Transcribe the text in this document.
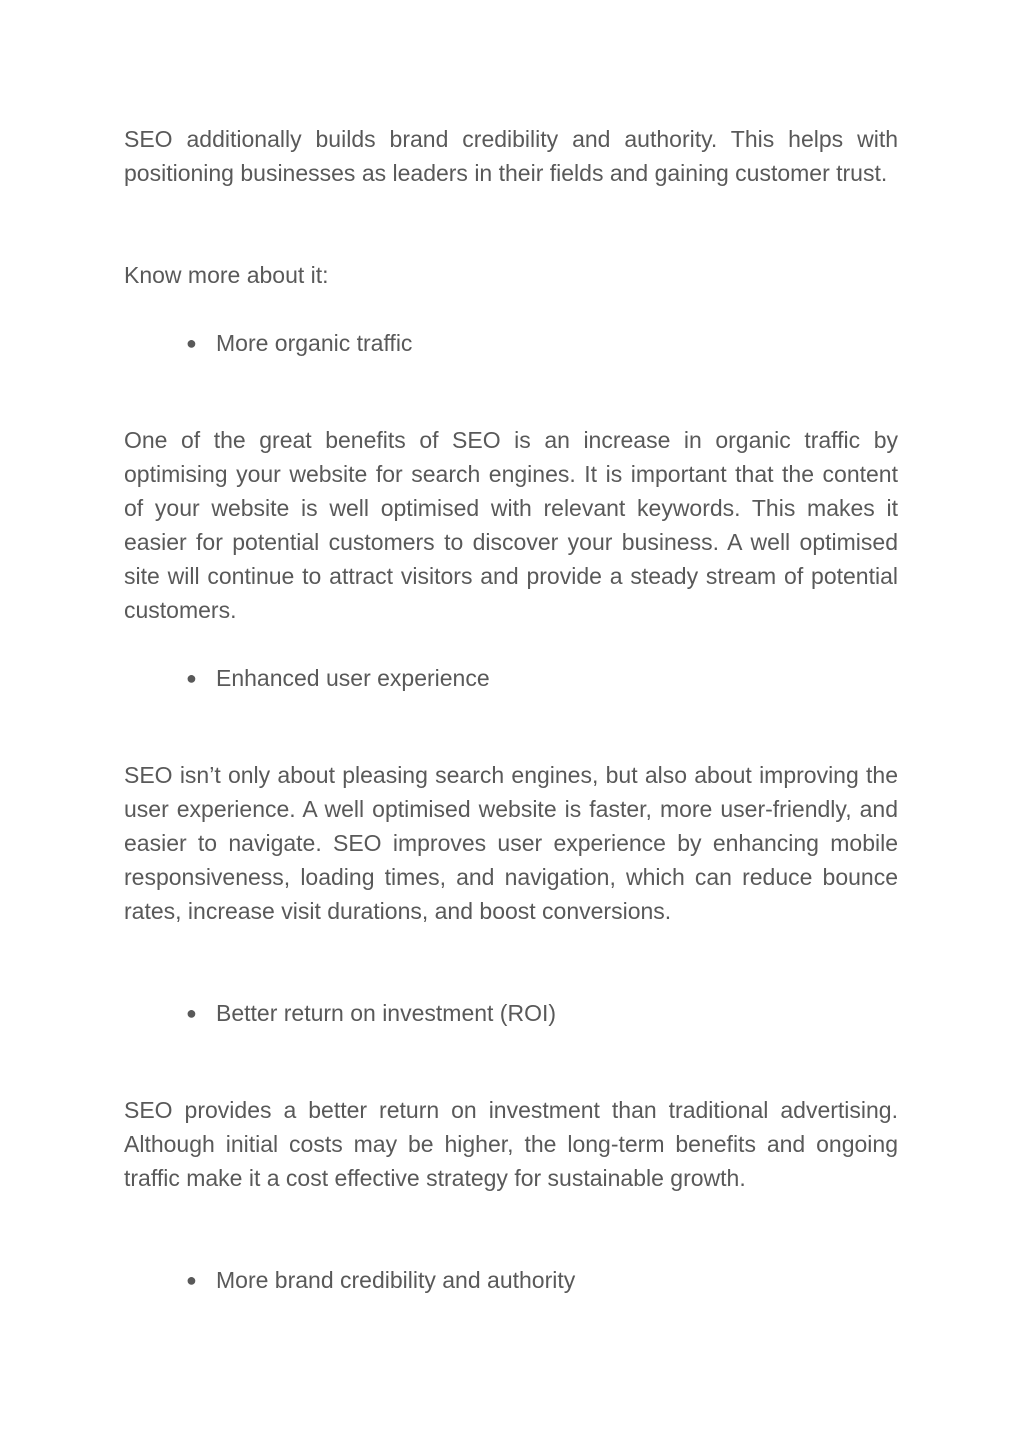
SEO additionally builds brand credibility and authority. This helps with positioning businesses as leaders in their fields and gaining customer trust.

Know more about it:

● More organic traffic

One of the great benefits of SEO is an increase in organic traffic by optimising your website for search engines. It is important that the content of your website is well optimised with relevant keywords. This makes it easier for potential customers to discover your business. A well optimised site will continue to attract visitors and provide a steady stream of potential customers.

● Enhanced user experience

SEO isn’t only about pleasing search engines, but also about improving the user experience. A well optimised website is faster, more user-friendly, and easier to navigate. SEO improves user experience by enhancing mobile responsiveness, loading times, and navigation, which can reduce bounce rates, increase visit durations, and boost conversions.

● Better return on investment (ROI)

SEO provides a better return on investment than traditional advertising. Although initial costs may be higher, the long-term benefits and ongoing traffic make it a cost effective strategy for sustainable growth.

● More brand credibility and authority
